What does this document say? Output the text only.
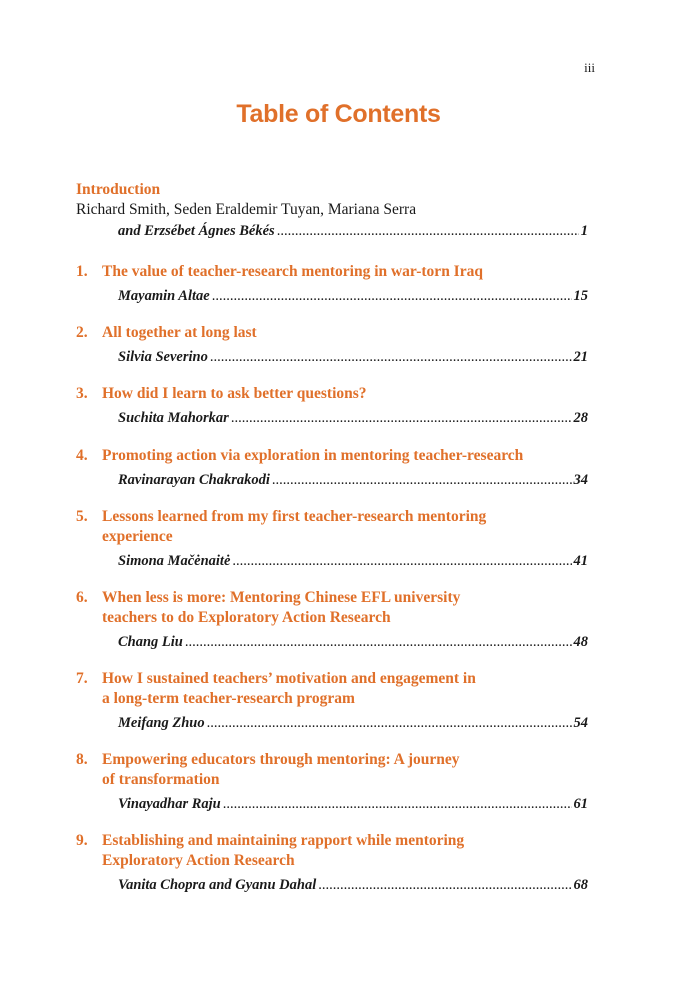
iii
Table of Contents
Introduction
Richard Smith, Seden Eraldemir Tuyan, Mariana Serra
and Erzsébet Ágnes Békés .....	1
1. The value of teacher-research mentoring in war-torn Iraq
Mayamin Altae .....	15
2. All together at long last
Silvia Severino .....	21
3. How did I learn to ask better questions?
Suchita Mahorkar .....	28
4. Promoting action via exploration in mentoring teacher-research
Ravinarayan Chakrakodi .....	34
5. Lessons learned from my first teacher-research mentoring
experience
Simona Mačėnaitė .....	41
6. When less is more: Mentoring Chinese EFL university
teachers to do Exploratory Action Research
Chang Liu .....	48
7. How I sustained teachers’ motivation and engagement in
a long-term teacher-research program
Meifang Zhuo .....	54
8. Empowering educators through mentoring: A journey
of transformation
Vinayadhar Raju .....	61
9. Establishing and maintaining rapport while mentoring
Exploratory Action Research
Vanita Chopra and Gyanu Dahal .....	68
